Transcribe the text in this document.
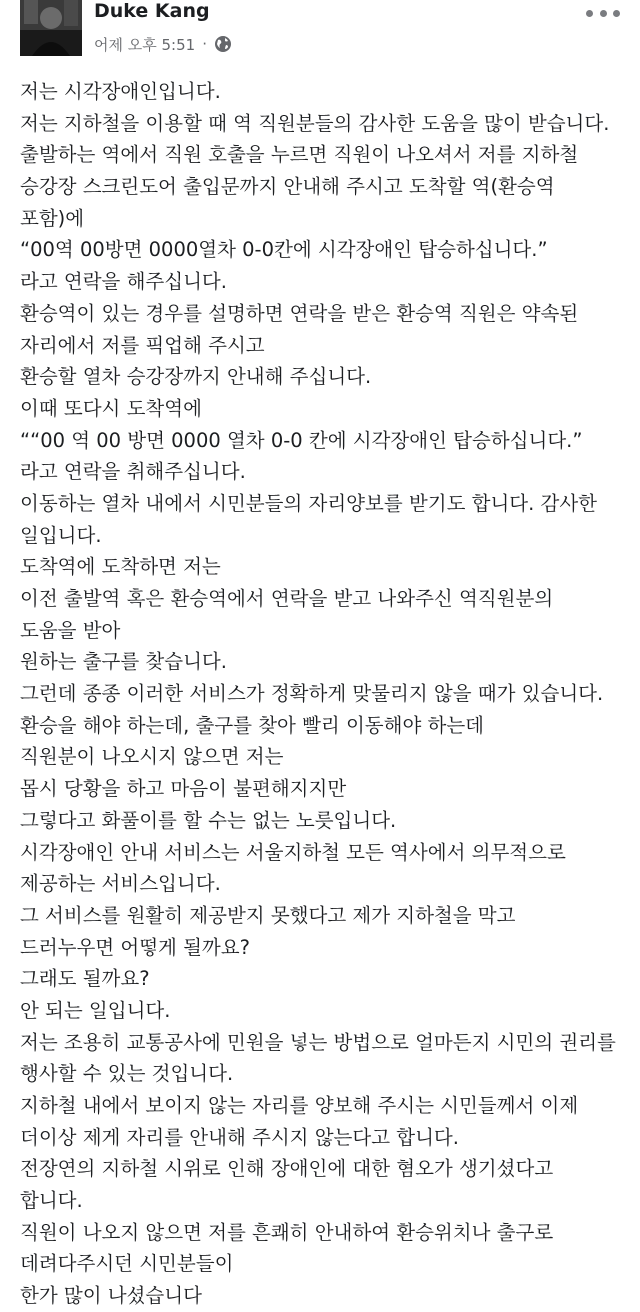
Duke Kang
어제 오후 5:51 ·
저는 시각장애인입니다.
저는 지하철을 이용할 때 역 직원분들의 감사한 도움을 많이 받습니다.
출발하는 역에서 직원 호출을 누르면 직원이 나오셔서 저를 지하철
승강장 스크린도어 출입문까지 안내해 주시고 도착할 역(환승역
포함)에
“00역 00방면 0000열차 0-0칸에 시각장애인 탑승하십니다.”
라고 연락을 해주십니다.
환승역이 있는 경우를 설명하면 연락을 받은 환승역 직원은 약속된
자리에서 저를 픽업해 주시고
환승할 열차 승강장까지 안내해 주십니다.
이때 또다시 도착역에
““00 역 00 방면 0000 열차 0-0 칸에 시각장애인 탑승하십니다.”
라고 연락을 취해주십니다.
이동하는 열차 내에서 시민분들의 자리양보를 받기도 합니다. 감사한
일입니다.
도착역에 도착하면 저는
이전 출발역 혹은 환승역에서 연락을 받고 나와주신 역직원분의
도움을 받아
원하는 출구를 찾습니다.
그런데 종종 이러한 서비스가 정확하게 맞물리지 않을 때가 있습니다.
환승을 해야 하는데, 출구를 찾아 빨리 이동해야 하는데
직원분이 나오시지 않으면 저는
몹시 당황을 하고 마음이 불편해지지만
그렇다고 화풀이를 할 수는 없는 노릇입니다.
시각장애인 안내 서비스는 서울지하철 모든 역사에서 의무적으로
제공하는 서비스입니다.
그 서비스를 원활히 제공받지 못했다고 제가 지하철을 막고
드러누우면 어떻게 될까요?
그래도 될까요?
안 되는 일입니다.
저는 조용히 교통공사에 민원을 넣는 방법으로 얼마든지 시민의 권리를
행사할 수 있는 것입니다.
지하철 내에서 보이지 않는 자리를 양보해 주시는 시민들께서 이제
더이상 제게 자리를 안내해 주시지 않는다고 합니다.
전장연의 지하철 시위로 인해 장애인에 대한 혐오가 생기셨다고
합니다.
직원이 나오지 않으면 저를 흔쾌히 안내하여 환승위치나 출구로
데려다주시던 시민분들이
한가 많이 나셨습니다
